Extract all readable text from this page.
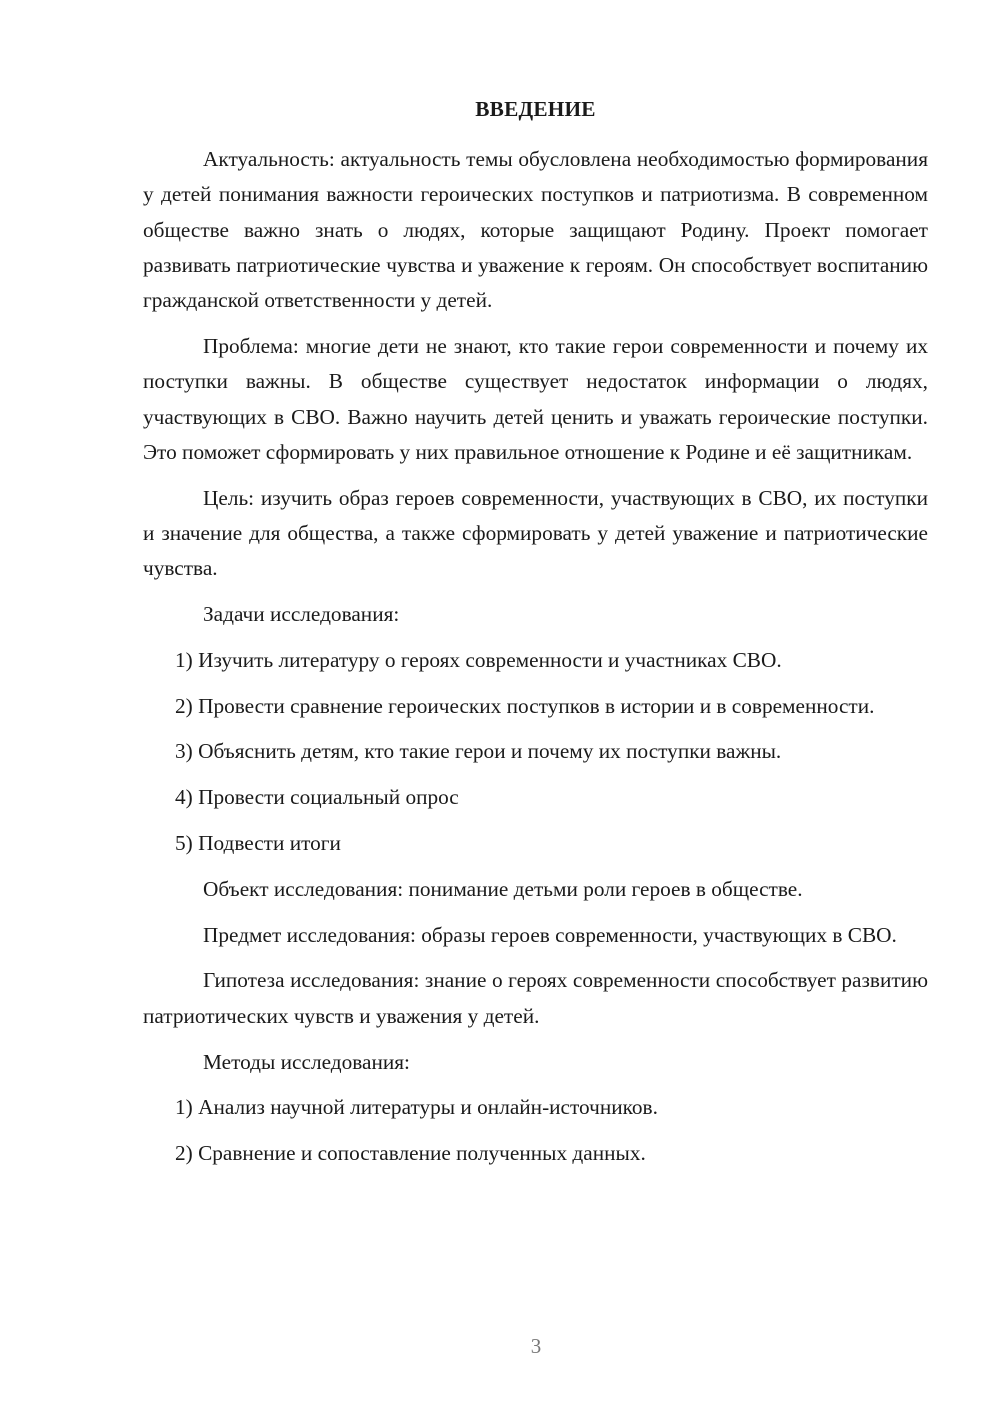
ВВЕДЕНИЕ

Актуальность: актуальность темы обусловлена необходимостью формирования у детей понимания важности героических поступков и патриотизма. В современном обществе важно знать о людях, которые защищают Родину. Проект помогает развивать патриотические чувства и уважение к героям. Он способствует воспитанию гражданской ответственности у детей.

Проблема: многие дети не знают, кто такие герои современности и почему их поступки важны. В обществе существует недостаток информации о людях, участвующих в СВО. Важно научить детей ценить и уважать героические поступки. Это поможет сформировать у них правильное отношение к Родине и её защитникам.

Цель: изучить образ героев современности, участвующих в СВО, их поступки и значение для общества, а также сформировать у детей уважение и патриотические чувства.

Задачи исследования:

1) Изучить литературу о героях современности и участниках СВО.

2) Провести сравнение героических поступков в истории и в современности.

3) Объяснить детям, кто такие герои и почему их поступки важны.

4) Провести социальный опрос

5) Подвести итоги

Объект исследования: понимание детьми роли героев в обществе.

Предмет исследования: образы героев современности, участвующих в СВО.

Гипотеза исследования: знание о героях современности способствует развитию патриотических чувств и уважения у детей.

Методы исследования:

1) Анализ научной литературы и онлайн-источников.

2) Сравнение и сопоставление полученных данных.

3
